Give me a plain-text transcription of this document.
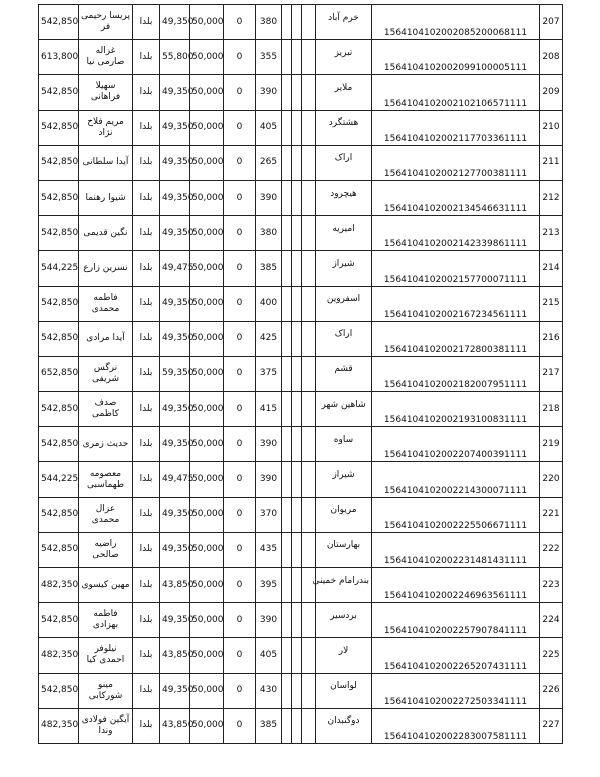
542,850	پریسا رحیمی فر	بلدا	49,350	50,000	0	380				خرم آباد	1564104102002085200068111	207
613,800	غزاله صارمی نیا	بلدا	55,800	50,000	0	355				تبریز	1564104102002099100005111	208
542,850	سهیلا فراهانی	بلدا	49,350	50,000	0	390				ملایر	1564104102002102106571111	209
542,850	مریم فلاح نژاد	بلدا	49,350	50,000	0	405				هشتگرد	1564104102002117703361111	210
542,850	آیدا سلطانی	بلدا	49,350	50,000	0	265				اراک	1564104102002127700381111	211
542,850	شیوا رهنما	بلدا	49,350	50,000	0	390				هیچرود	1564104102002134546631111	212
542,850	نگین قدیمی	بلدا	49,350	50,000	0	380				امیریه	1564104102002142339861111	213
544,225	نسرین زارع	بلدا	49,475	50,000	0	385				شیراز	1564104102002157700071111	214
542,850	فاطمه محمدی	بلدا	49,350	50,000	0	400				اسفروین	1564104102002167234561111	215
542,850	آیدا مرادی	بلدا	49,350	50,000	0	425				اراک	1564104102002172800381111	216
652,850	نرگس شریفی	بلدا	59,350	50,000	0	375				قشم	1564104102002182007951111	217
542,850	صدف کاظمی	بلدا	49,350	50,000	0	415				شاهین شهر	1564104102002193100831111	218
542,850	حدیث زمری	بلدا	49,350	50,000	0	390				ساوه	1564104102002207400391111	219
544,225	معصومه طهماسبی	بلدا	49,475	50,000	0	390				شیراز	1564104102002214300071111	220
542,850	عزال محمدی	بلدا	49,350	50,000	0	370				مریوان	1564104102002225506671111	221
542,850	راضیه صالحی	بلدا	49,350	50,000	0	435				بهارستان	1564104102002231481431111	222
482,350	مهین کیسوی	بلدا	43,850	50,000	0	395				بندرامام خمینی	1564104102002246963561111	223
542,850	فاطمه بهزادی	بلدا	49,350	50,000	0	390				بردسیر	1564104102002257907841111	224
482,350	نیلوفر احمدی کیا	بلدا	43,850	50,000	0	405				لار	1564104102002265207431111	225
542,850	مینو شورکابی	بلدا	49,350	50,000	0	430				لواسان	1564104102002272503341111	226
482,350	آیگین فولادی وندا	بلدا	43,850	50,000	0	385				دوگنبدان	1564104102002283007581111	227
